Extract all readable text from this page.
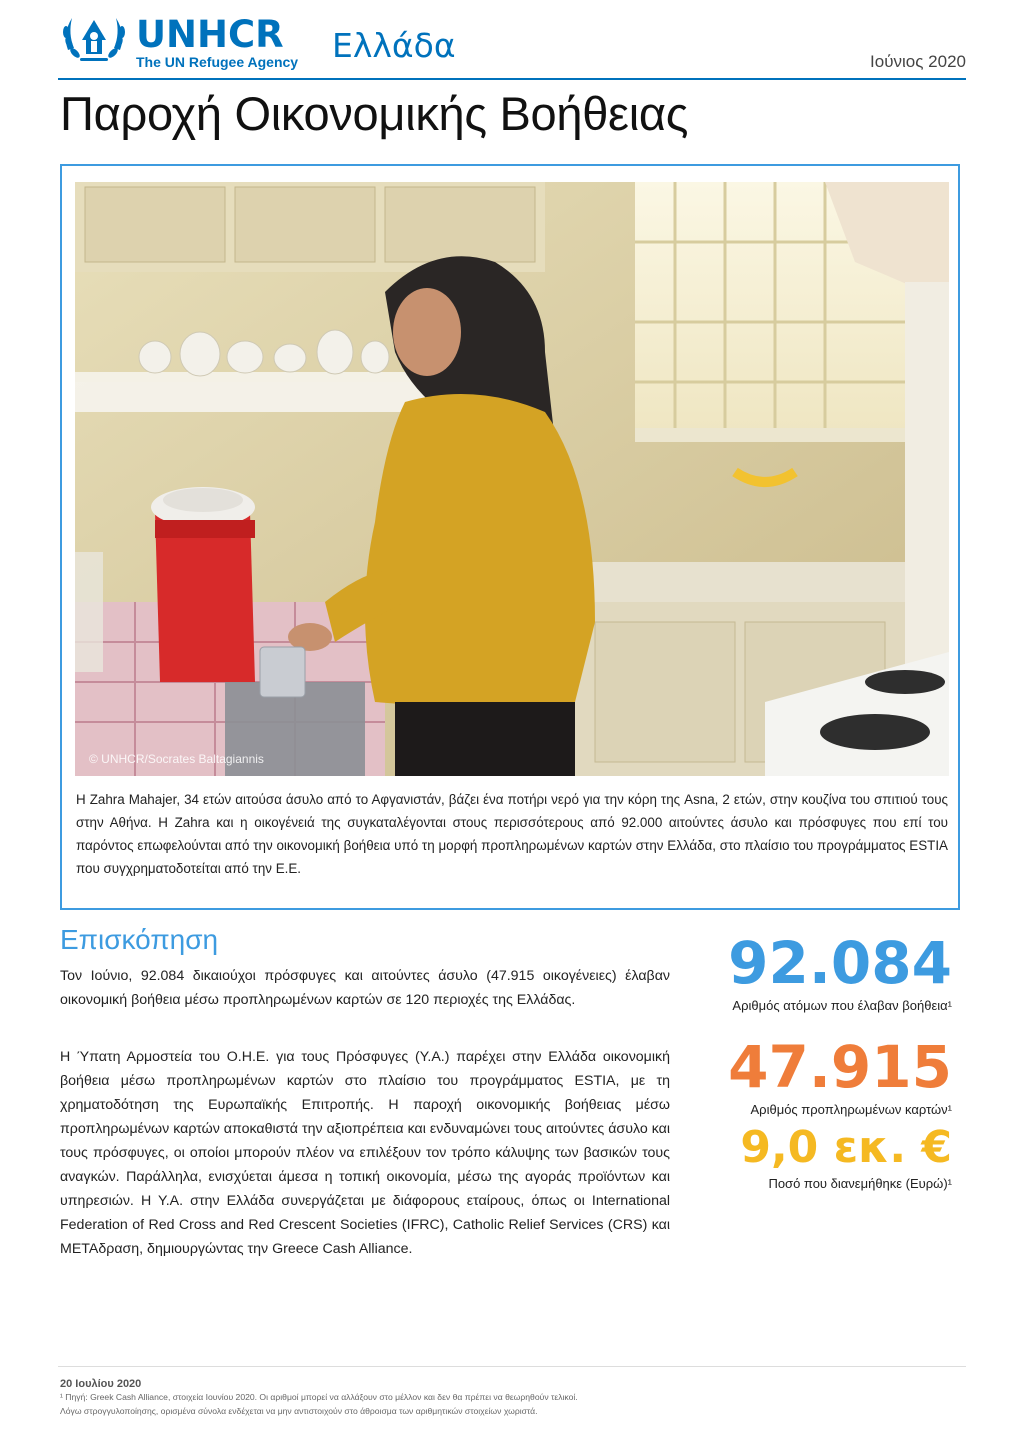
UNHCR
The UN Refugee Agency Ελλάδα	Ιούνιος 2020
Παροχή Οικονομικής Βοήθειας
© UNHCR/Socrates Baltagiannis
Η Zahra Mahajer, 34 ετών αιτούσα άσυλο από το Αφγανιστάν, βάζει ένα ποτήρι νερό για την κόρη της Asna, 2 ετών, στην κουζίνα του σπιτιού τους στην Αθήνα. Η Zahra και η οικογένειά της συγκαταλέγονται στους περισσότερους από 92.000 αιτούντες άσυλο και πρόσφυγες που επί του παρόντος επωφελούνται από την οικονομική βοήθεια υπό τη μορφή προπληρωμένων καρτών στην Ελλάδα, στο πλαίσιο του προγράμματος ESTIA που συγχρηματοδοτείται από την Ε.Ε.
Επισκόπηση

Τον Ιούνιο, 92.084 δικαιούχοι πρόσφυγες και αιτούντες άσυλο (47.915 οικογένειες) έλαβαν οικονομική βοήθεια μέσω προπληρωμένων καρτών σε 120 περιοχές της Ελλάδας.

Η Ύπατη Αρμοστεία του Ο.Η.Ε. για τους Πρόσφυγες (Υ.Α.) παρέχει στην Ελλάδα οικονομική βοήθεια μέσω προπληρωμένων καρτών στο πλαίσιο του προγράμματος ESTIA, με τη χρηματοδότηση της Ευρωπαϊκής Επιτροπής. Η παροχή οικονομικής βοήθειας μέσω προπληρωμένων καρτών αποκαθιστά την αξιοπρέπεια και ενδυναμώνει τους αιτούντες άσυλο και τους πρόσφυγες, οι οποίοι μπορούν πλέον να επιλέξουν τον τρόπο κάλυψης των βασικών τους αναγκών. Παράλληλα, ενισχύεται άμεσα η τοπική οικονομία, μέσω της αγοράς προϊόντων και υπηρεσιών. Η Υ.Α. στην Ελλάδα συνεργάζεται με διάφορους εταίρους, όπως οι International Federation of Red Cross and Red Crescent Societies (IFRC), Catholic Relief Services (CRS) και ΜΕΤΑδραση, δημιουργώντας την Greece Cash Alliance.

92.084
Αριθμός ατόμων που έλαβαν βοήθεια¹
47.915
Αριθμός προπληρωμένων καρτών¹
9,0 εκ. €
Ποσό που διανεμήθηκε (Ευρώ)¹
20 Ιουλίου 2020
¹ Πηγή: Greek Cash Alliance, στοιχεία Ιουνίου 2020. Οι αριθμοί μπορεί να αλλάξουν στο μέλλον και δεν θα πρέπει να θεωρηθούν τελικοί.
Λόγω στρογγυλοποίησης, ορισμένα σύνολα ενδέχεται να μην αντιστοιχούν στο άθροισμα των αριθμητικών στοιχείων χωριστά.
